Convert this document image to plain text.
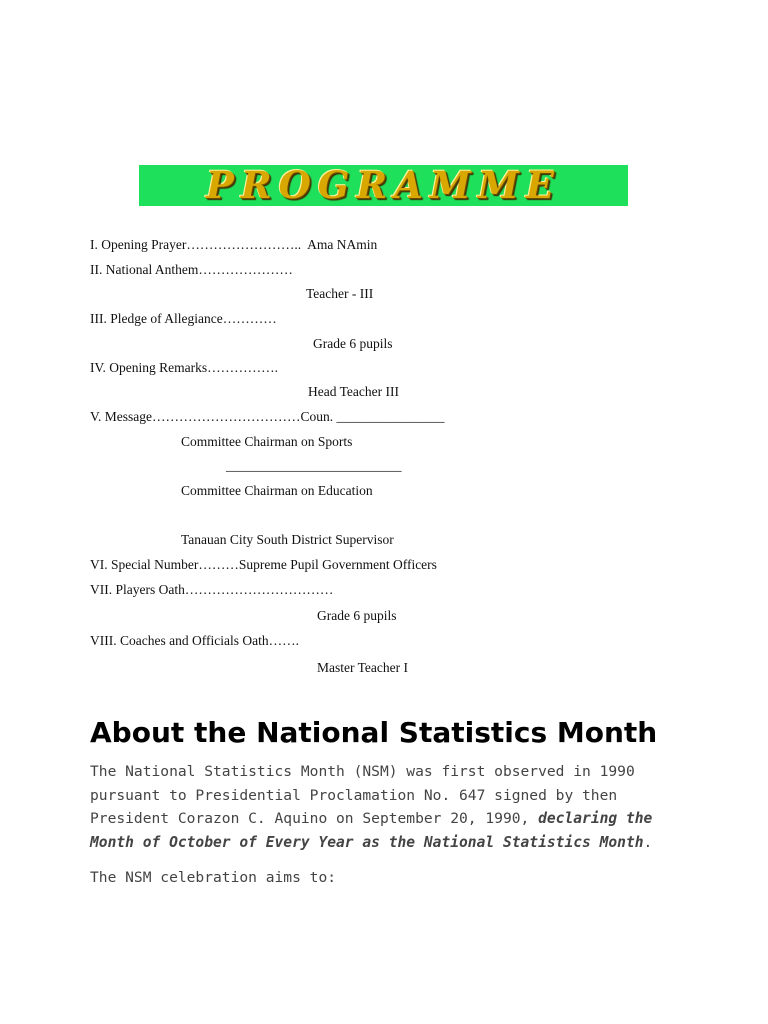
PROGRAMME
I. Opening Prayer……………………..  Ama NAmin
II. National Anthem…………………
Teacher - III
III. Pledge of Allegiance…………
Grade 6 pupils
IV. Opening Remarks…………….
Head Teacher III
V. Message……………………………Coun. ________________
Committee Chairman on Sports
__________________________
Committee Chairman on Education
Tanauan City South District Supervisor
VI. Special Number………Supreme Pupil Government Officers
VII. Players Oath……………………………
Grade 6 pupils
VIII. Coaches and Officials Oath…….
Master Teacher I
About the National Statistics Month
The National Statistics Month (NSM) was first observed in 1990 pursuant to Presidential Proclamation No. 647 signed by then President Corazon C. Aquino on September 20, 1990, declaring the Month of October of Every Year as the National Statistics Month.
The NSM celebration aims to:
